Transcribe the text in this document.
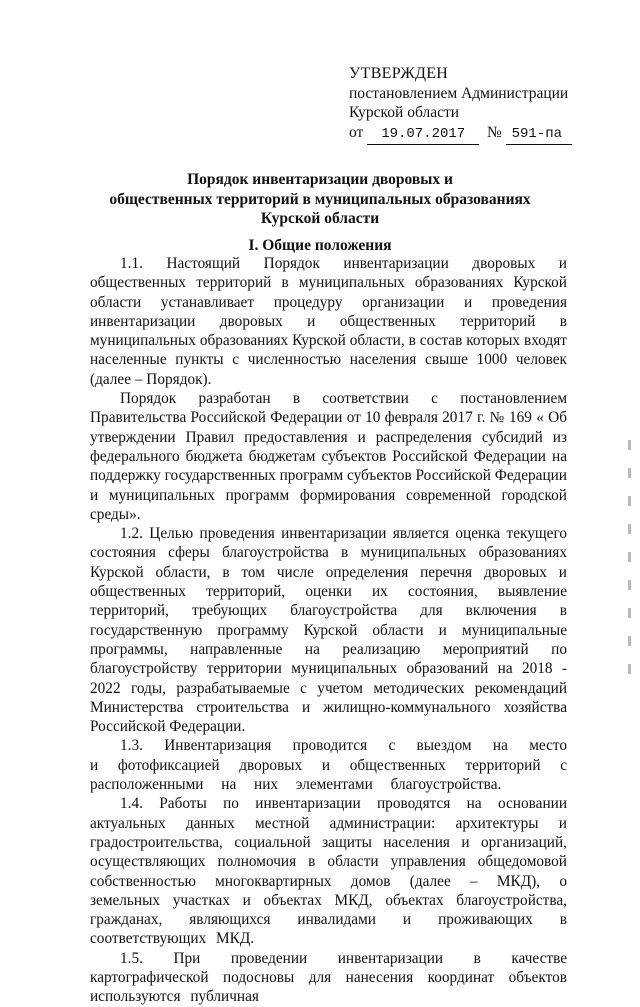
УТВЕРЖДЕН
постановлением Администрации
Курской области
от 19.07.2017 № 591-па
Порядок инвентаризации дворовых и
общественных территорий в муниципальных образованиях
Курской области
I. Общие положения

1.1. Настоящий Порядок инвентаризации дворовых и общественных территорий в муниципальных образованиях Курской области устанавливает процедуру организации и проведения инвентаризации дворовых и общественных территорий в муниципальных образованиях Курской области, в состав которых входят населенные пункты с численностью населения свыше 1000 человек (далее – Порядок).

Порядок разработан в соответствии с постановлением Правительства Российской Федерации от 10 февраля 2017 г. № 169 « Об утверждении Правил предоставления и распределения субсидий из федерального бюджета бюджетам субъектов Российской Федерации на поддержку государственных программ субъектов Российской Федерации и муниципальных программ формирования современной городской среды».

1.2. Целью проведения инвентаризации является оценка текущего состояния сферы благоустройства в муниципальных образованиях Курской области, в том числе определения перечня дворовых и общественных территорий, оценки их состояния, выявление территорий, требующих благоустройства для включения в государственную программу Курской области и муниципальные программы, направленные на реализацию мероприятий по благоустройству территории муниципальных образований на 2018 - 2022 годы, разрабатываемые с учетом методических рекомендаций Министерства строительства и жилищно-коммунального хозяйства Российской Федерации.

1.3. Инвентаризация проводится с выездом на место и фотофиксацией дворовых и общественных территорий с расположенными на них элементами благоустройства.

1.4. Работы по инвентаризации проводятся на основании актуальных данных местной администрации: архитектуры и градостроительства, социальной защиты населения и организаций, осуществляющих полномочия в области управления общедомовой собственностью многоквартирных домов (далее – МКД), о земельных участках и объектах МКД, объектах благоустройства, гражданах, являющихся инвалидами и проживающих в соответствующих МКД.

1.5. При проведении инвентаризации в качестве картографической подосновы для нанесения координат объектов используются публичная
